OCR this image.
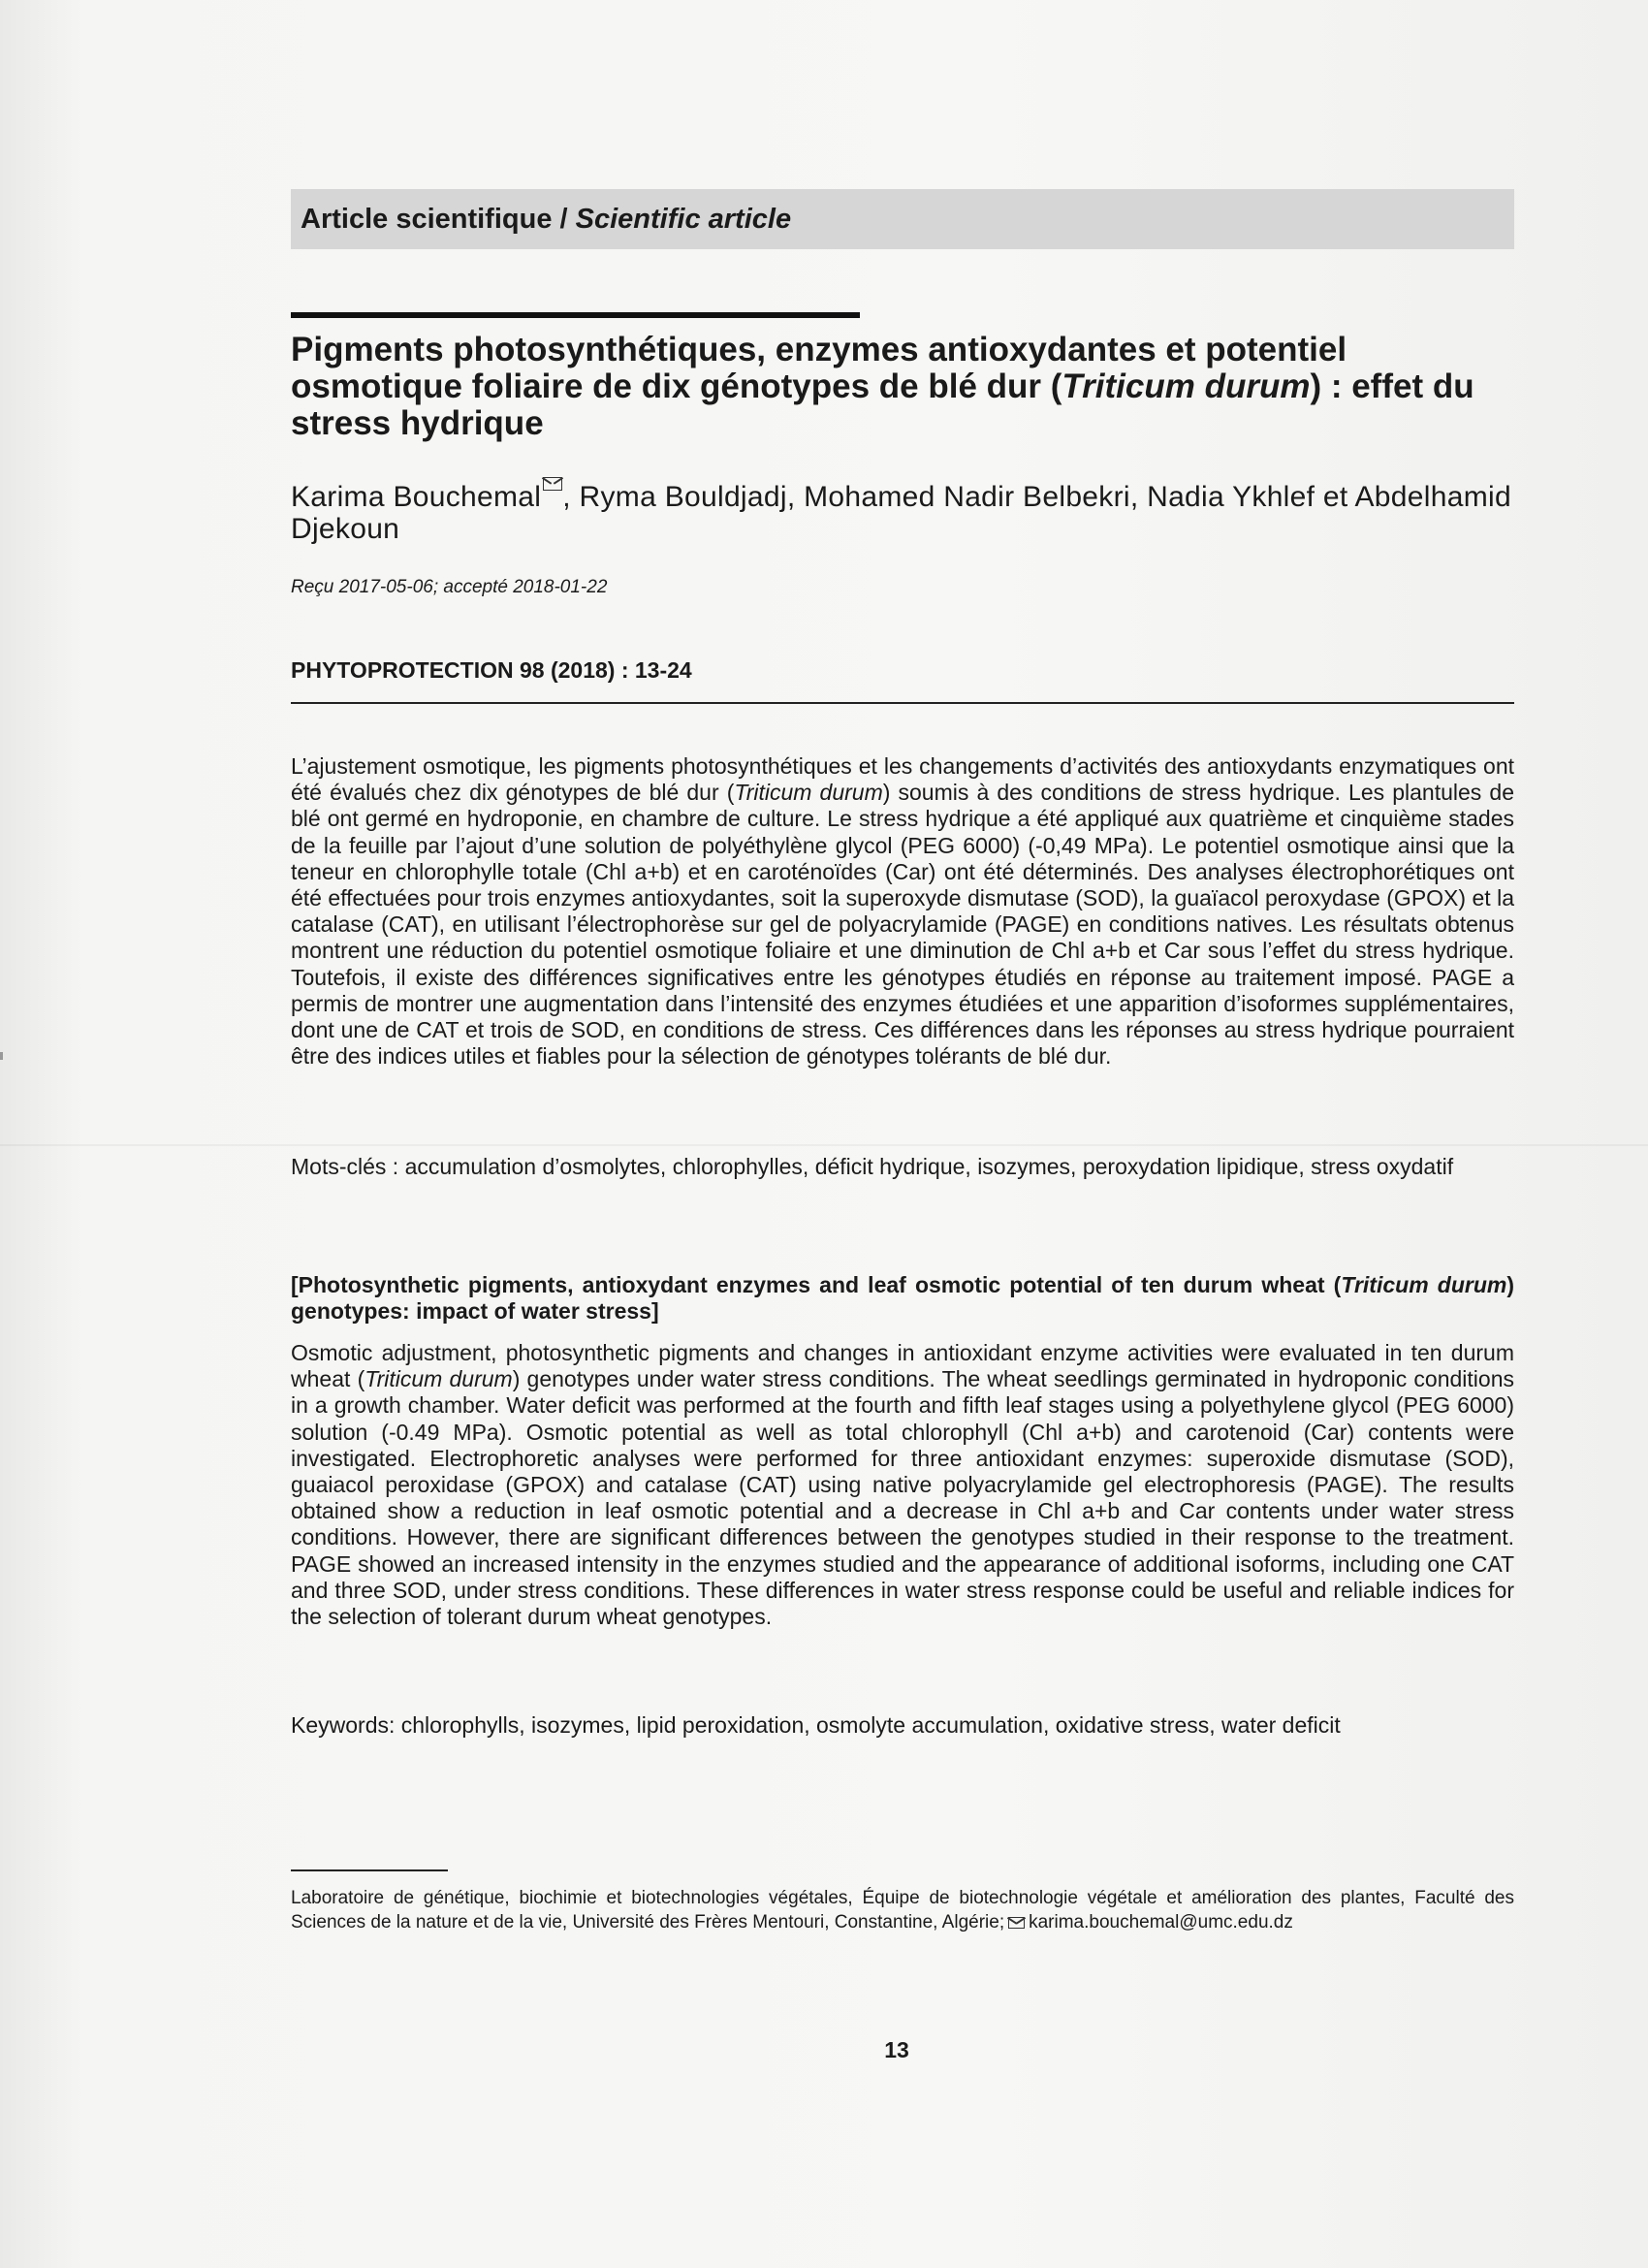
Article scientifique / Scientific article
Pigments photosynthétiques, enzymes antioxydantes et potentiel osmotique foliaire de dix génotypes de blé dur (Triticum durum) : effet du stress hydrique
Karima Bouchemal , Ryma Bouldjadj, Mohamed Nadir Belbekri, Nadia Ykhlef et Abdelhamid Djekoun
Reçu 2017-05-06; accepté 2018-01-22
PHYTOPROTECTION 98 (2018) : 13-24

L’ajustement osmotique, les pigments photosynthétiques et les changements d’activités des antioxydants enzymatiques ont été évalués chez dix génotypes de blé dur (Triticum durum) soumis à des conditions de stress hydrique. Les plantules de blé ont germé en hydroponie, en chambre de culture. Le stress hydrique a été appliqué aux quatrième et cinquième stades de la feuille par l’ajout d’une solution de polyéthylène glycol (PEG 6000) (-0,49 MPa). Le potentiel osmotique ainsi que la teneur en chlorophylle totale (Chl a+b) et en caroténoïdes (Car) ont été déterminés. Des analyses électrophorétiques ont été effectuées pour trois enzymes antioxydantes, soit la superoxyde dismutase (SOD), la guaïacol peroxydase (GPOX) et la catalase (CAT), en utilisant l’électrophorèse sur gel de polyacrylamide (PAGE) en conditions natives. Les résultats obtenus montrent une réduction du potentiel osmotique foliaire et une diminution de Chl a+b et Car sous l’effet du stress hydrique. Toutefois, il existe des différences significatives entre les génotypes étudiés en réponse au traitement imposé. PAGE a permis de montrer une augmentation dans l’intensité des enzymes étudiées et une apparition d’isoformes supplémentaires, dont une de CAT et trois de SOD, en conditions de stress. Ces différences dans les réponses au stress hydrique pourraient être des indices utiles et fiables pour la sélection de génotypes tolérants de blé dur.

Mots-clés : accumulation d’osmolytes, chlorophylles, déficit hydrique, isozymes, peroxydation lipidique, stress oxydatif

[Photosynthetic pigments, antioxydant enzymes and leaf osmotic potential of ten durum wheat (Triticum durum) genotypes: impact of water stress]

Osmotic adjustment, photosynthetic pigments and changes in antioxidant enzyme activities were evaluated in ten durum wheat (Triticum durum) genotypes under water stress conditions. The wheat seedlings germinated in hydroponic conditions in a growth chamber. Water deficit was performed at the fourth and fifth leaf stages using a polyethylene glycol (PEG 6000) solution (-0.49 MPa). Osmotic potential as well as total chlorophyll (Chl a+b) and carotenoid (Car) contents were investigated. Electrophoretic analyses were performed for three antioxidant enzymes: superoxide dismutase (SOD), guaiacol peroxidase (GPOX) and catalase (CAT) using native polyacrylamide gel electrophoresis (PAGE). The results obtained show a reduction in leaf osmotic potential and a decrease in Chl a+b and Car contents under water stress conditions. However, there are significant differences between the genotypes studied in their response to the treatment. PAGE showed an increased intensity in the enzymes studied and the appearance of additional isoforms, including one CAT and three SOD, under stress conditions. These differences in water stress response could be useful and reliable indices for the selection of tolerant durum wheat genotypes.

Keywords: chlorophylls, isozymes, lipid peroxidation, osmolyte accumulation, oxidative stress, water deficit

Laboratoire de génétique, biochimie et biotechnologies végétales, Équipe de biotechnologie végétale et amélioration des plantes, Faculté des Sciences de la nature et de la vie, Université des Frères Mentouri, Constantine, Algérie; karima.bouchemal@umc.edu.dz
13
